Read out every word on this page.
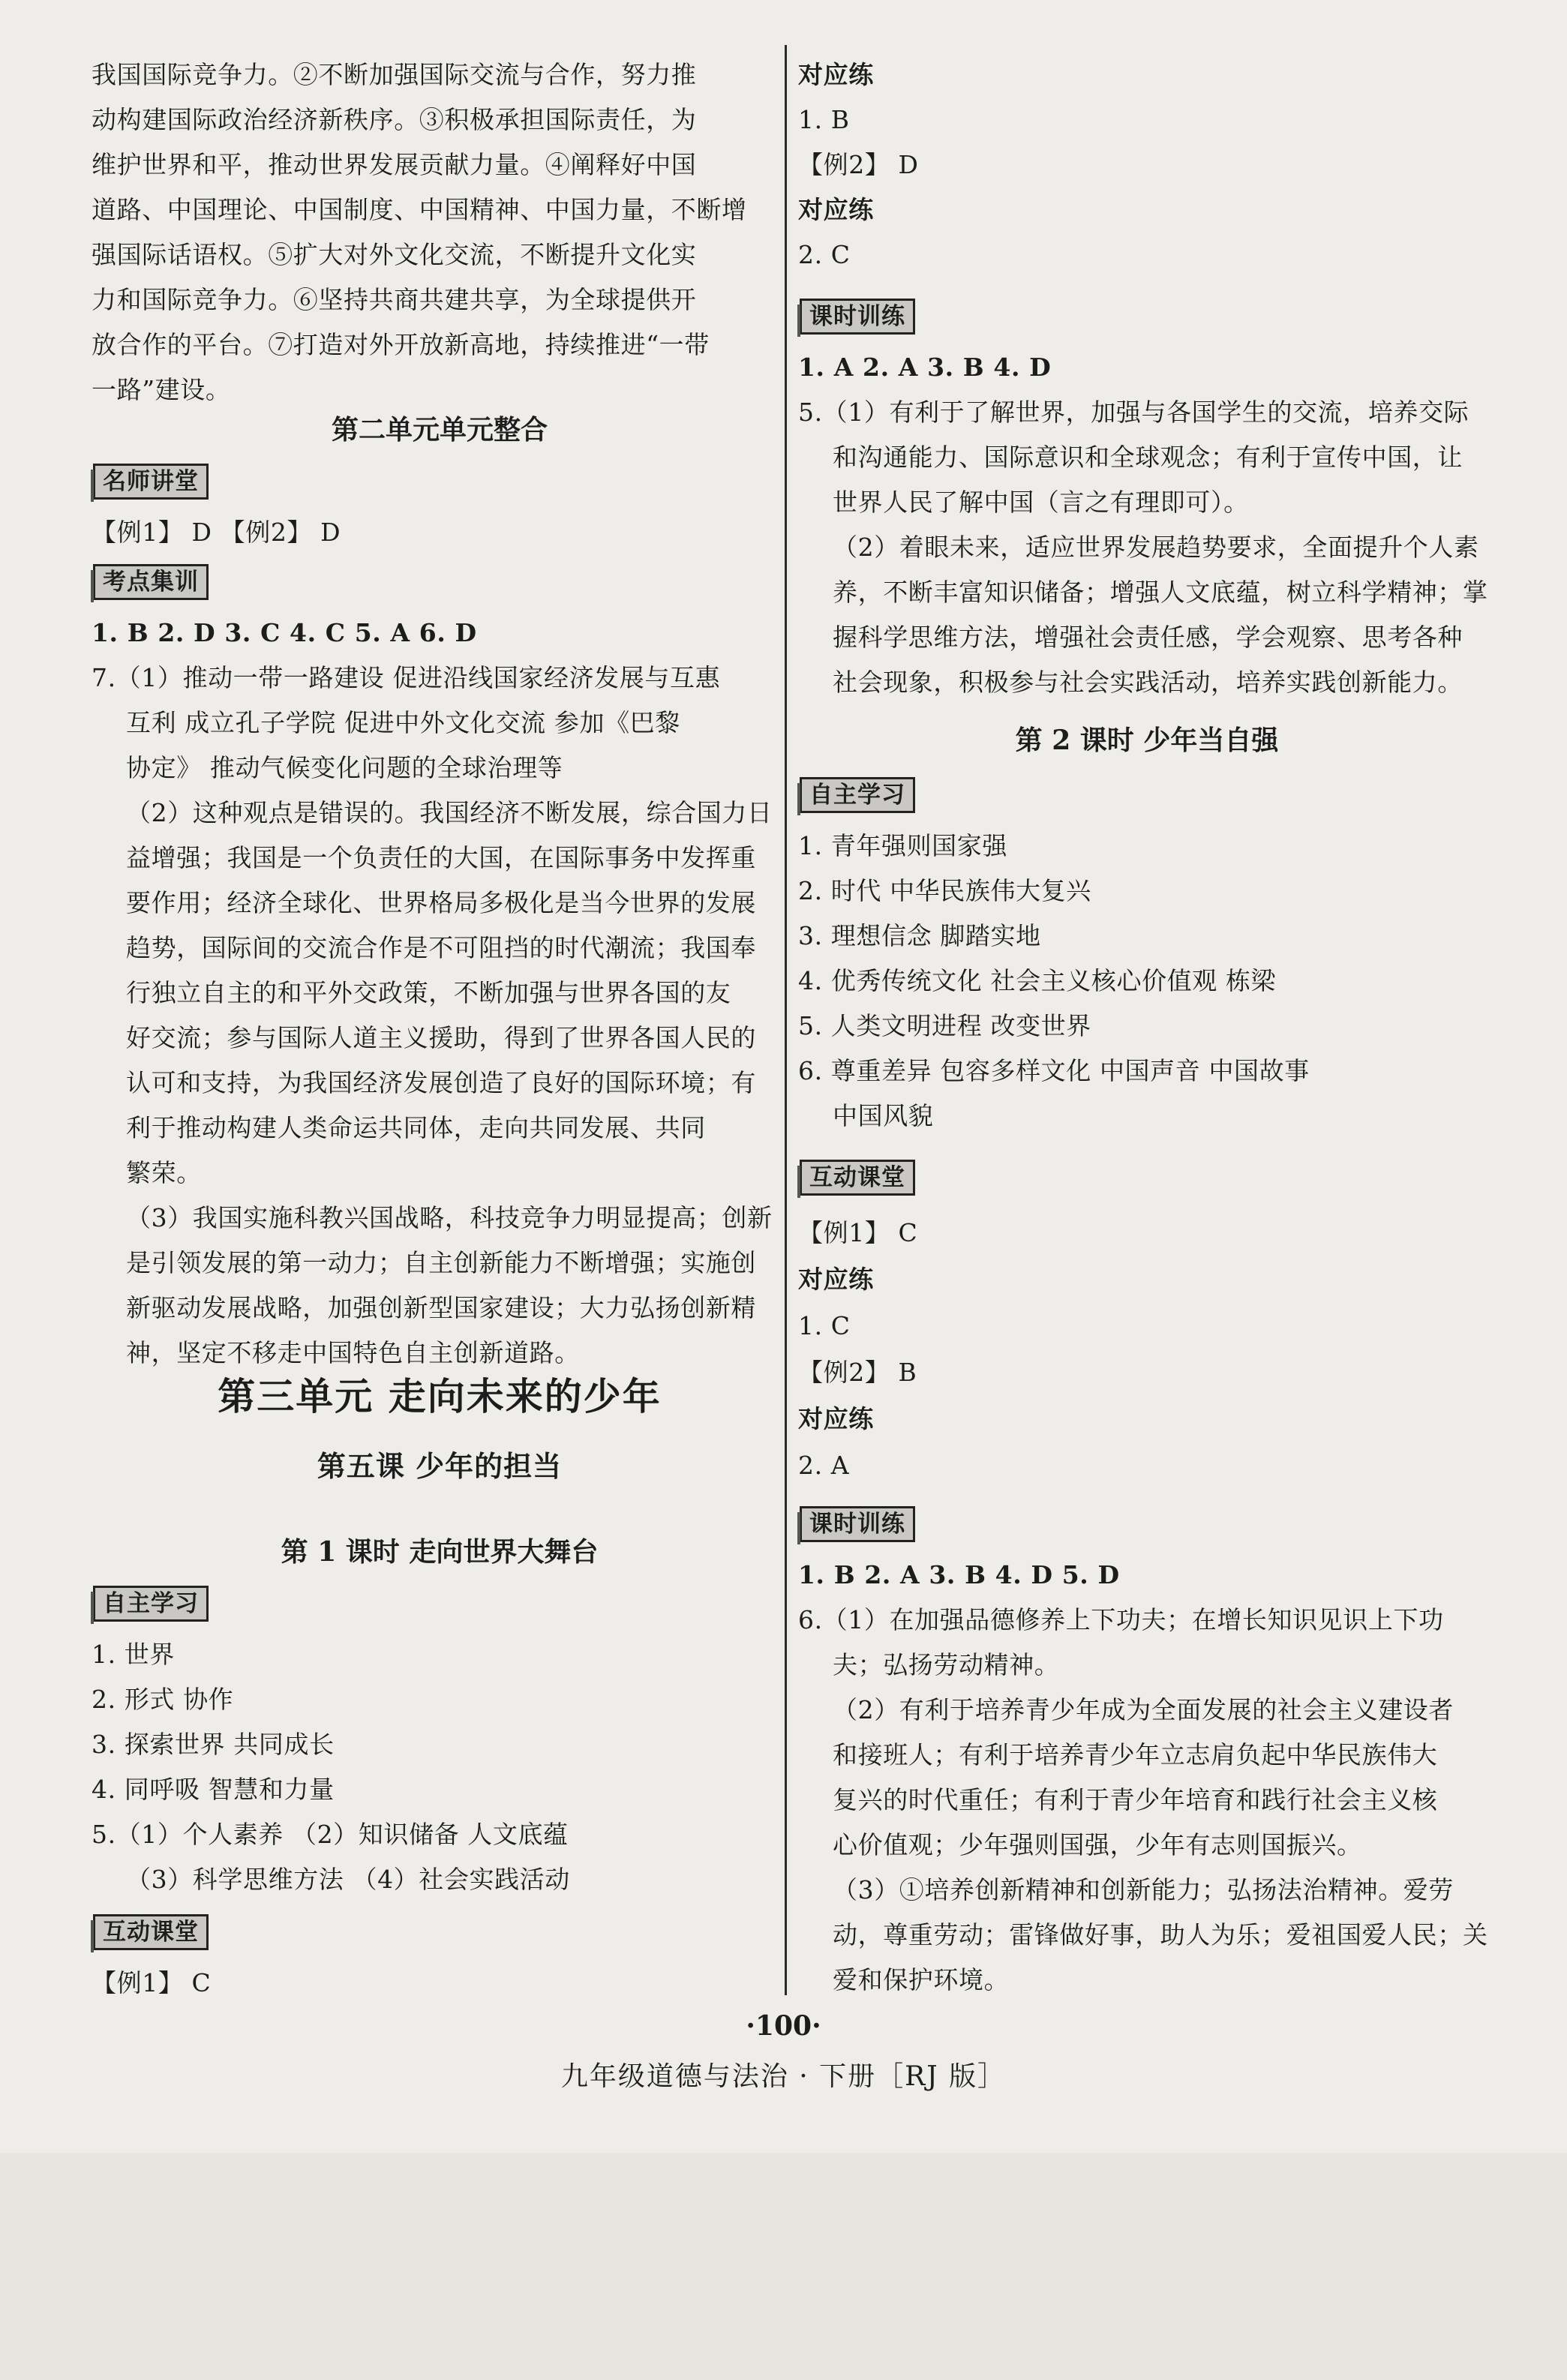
我国国际竞争力。②不断加强国际交流与合作，努力推
动构建国际政治经济新秩序。③积极承担国际责任，为
维护世界和平，推动世界发展贡献力量。④阐释好中国
道路、中国理论、中国制度、中国精神、中国力量，不断增
强国际话语权。⑤扩大对外文化交流，不断提升文化实
力和国际竞争力。⑥坚持共商共建共享，为全球提供开
放合作的平台。⑦打造对外开放新高地，持续推进“一带
一路”建设。
第二单元单元整合
名师讲堂
【例1】 D 【例2】 D
考点集训
1. B 2. D 3. C 4. C 5. A 6. D
7.（1）推动一带一路建设 促进沿线国家经济发展与互惠
互利 成立孔子学院 促进中外文化交流 参加《巴黎
协定》 推动气候变化问题的全球治理等
（2）这种观点是错误的。我国经济不断发展，综合国力日
益增强；我国是一个负责任的大国，在国际事务中发挥重
要作用；经济全球化、世界格局多极化是当今世界的发展
趋势，国际间的交流合作是不可阻挡的时代潮流；我国奉
行独立自主的和平外交政策，不断加强与世界各国的友
好交流；参与国际人道主义援助，得到了世界各国人民的
认可和支持，为我国经济发展创造了良好的国际环境；有
利于推动构建人类命运共同体，走向共同发展、共同
繁荣。
（3）我国实施科教兴国战略，科技竞争力明显提高；创新
是引领发展的第一动力；自主创新能力不断增强；实施创
新驱动发展战略，加强创新型国家建设；大力弘扬创新精
神，坚定不移走中国特色自主创新道路。
第三单元 走向未来的少年
第五课 少年的担当
第 1 课时 走向世界大舞台
自主学习
1. 世界
2. 形式 协作
3. 探索世界 共同成长
4. 同呼吸 智慧和力量
5.（1）个人素养 （2）知识储备 人文底蕴
（3）科学思维方法 （4）社会实践活动
互动课堂
【例1】 C
对应练
1. B
【例2】 D
对应练
2. C
课时训练
1. A 2. A 3. B 4. D
5.（1）有利于了解世界，加强与各国学生的交流，培养交际
和沟通能力、国际意识和全球观念；有利于宣传中国，让
世界人民了解中国（言之有理即可）。
（2）着眼未来，适应世界发展趋势要求，全面提升个人素
养，不断丰富知识储备；增强人文底蕴，树立科学精神；掌
握科学思维方法，增强社会责任感，学会观察、思考各种
社会现象，积极参与社会实践活动，培养实践创新能力。
第 2 课时 少年当自强
自主学习
1. 青年强则国家强
2. 时代 中华民族伟大复兴
3. 理想信念 脚踏实地
4. 优秀传统文化 社会主义核心价值观 栋梁
5. 人类文明进程 改变世界
6. 尊重差异 包容多样文化 中国声音 中国故事
中国风貌
互动课堂
【例1】 C
对应练
1. C
【例2】 B
对应练
2. A
课时训练
1. B 2. A 3. B 4. D 5. D
6.（1）在加强品德修养上下功夫；在增长知识见识上下功
夫；弘扬劳动精神。
（2）有利于培养青少年成为全面发展的社会主义建设者
和接班人；有利于培养青少年立志肩负起中华民族伟大
复兴的时代重任；有利于青少年培育和践行社会主义核
心价值观；少年强则国强，少年有志则国振兴。
（3）①培养创新精神和创新能力；弘扬法治精神。爱劳
动，尊重劳动；雷锋做好事，助人为乐；爱祖国爱人民；关
爱和保护环境。
·100·
九年级道德与法治 · 下册［RJ 版］
